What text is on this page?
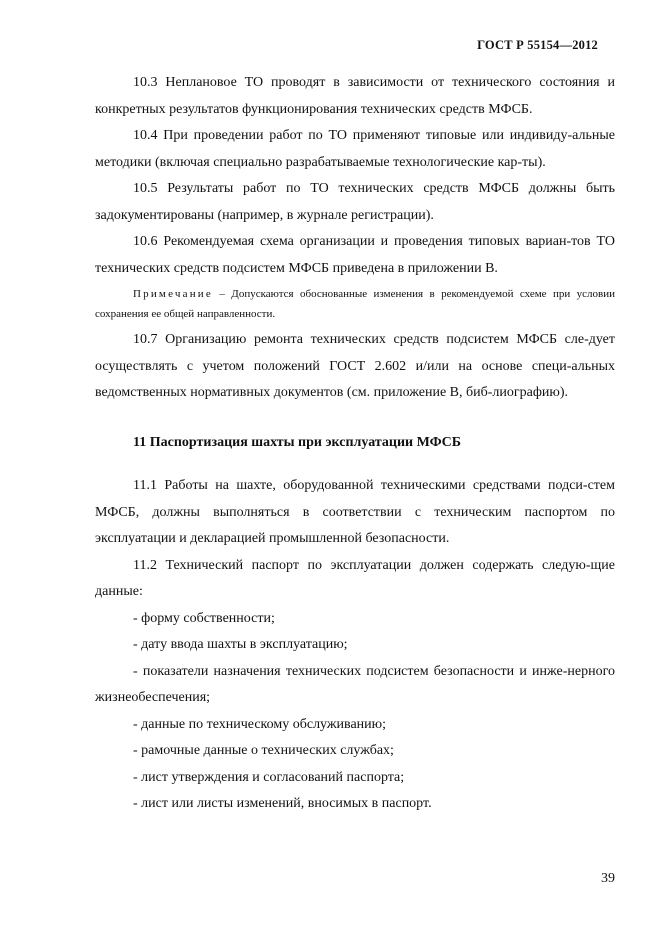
ГОСТ Р 55154—2012

10.3 Неплановое ТО проводят в зависимости от технического состояния и конкретных результатов функционирования технических средств МФСБ.

10.4 При проведении работ по ТО применяют типовые или индивиду-альные методики (включая специально разрабатываемые технологические кар-ты).

10.5 Результаты работ по ТО технических средств МФСБ должны быть задокументированы (например, в журнале регистрации).

10.6 Рекомендуемая схема организации и проведения типовых вариан-тов ТО технических средств подсистем МФСБ приведена в приложении В.

Примечание – Допускаются обоснованные изменения в рекомендуемой схеме при условии сохранения ее общей направленности.

10.7 Организацию ремонта технических средств подсистем МФСБ сле-дует осуществлять с учетом положений ГОСТ 2.602 и/или на основе специ-альных ведомственных нормативных документов (см. приложение В, биб-лиографию).

11 Паспортизация шахты при эксплуатации МФСБ

11.1 Работы на шахте, оборудованной техническими средствами подси-стем МФСБ, должны выполняться в соответствии с техническим паспортом по эксплуатации и декларацией промышленной безопасности.

11.2 Технический паспорт по эксплуатации должен содержать следую-щие данные:

- форму собственности;

- дату ввода шахты в эксплуатацию;

- показатели назначения технических подсистем безопасности и инже-нерного жизнеобеспечения;

- данные по техническому обслуживанию;

- рамочные данные о технических службах;

- лист утверждения и согласований паспорта;

- лист или листы изменений, вносимых в паспорт.

39
